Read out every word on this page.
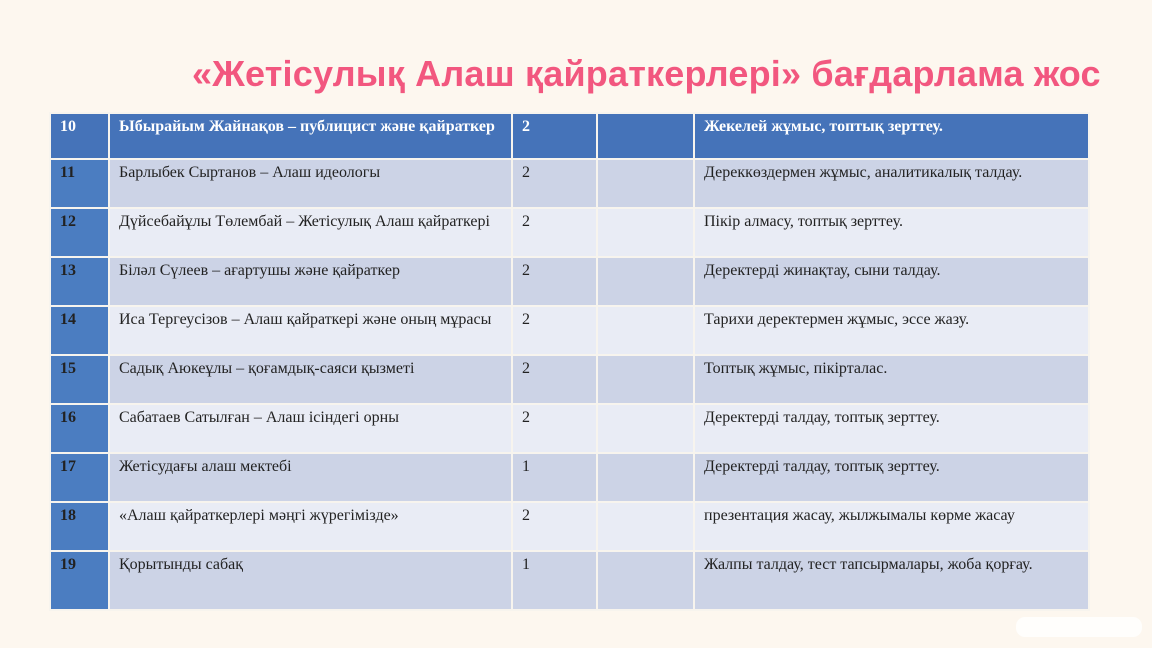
«Жетісулық Алаш қайраткерлері» бағдарлама жос
10	Ыбырайым Жайнақов – публицист және қайраткер	2		Жекелей жұмыс, топтық зерттеу.
11	Барлыбек Сыртанов – Алаш идеологы	2		Дереккөздермен жұмыс, аналитикалық талдау.
12	Дүйсебайұлы Төлембай – Жетісулық Алаш қайраткері	2		Пікір алмасу, топтық зерттеу.
13	Біләл Сүлеев – ағартушы және қайраткер	2		Деректерді жинақтау, сыни талдау.
14	Иса Тергеусізов – Алаш қайраткері және оның мұрасы	2		Тарихи деректермен жұмыс, эссе жазу.
15	Садық Аюкеұлы – қоғамдық-саяси қызметі	2		Топтық жұмыс, пікірталас.
16	Сабатаев Сатылған – Алаш ісіндегі орны	2		Деректерді талдау, топтық зерттеу.
17	Жетісудағы алаш мектебі	1		Деректерді талдау, топтық зерттеу.
18	«Алаш қайраткерлері мәңгі жүрегімізде»	2		презентация жасау, жылжымалы көрме жасау
19	Қорытынды сабақ	1		Жалпы талдау, тест тапсырмалары, жоба қорғау.
